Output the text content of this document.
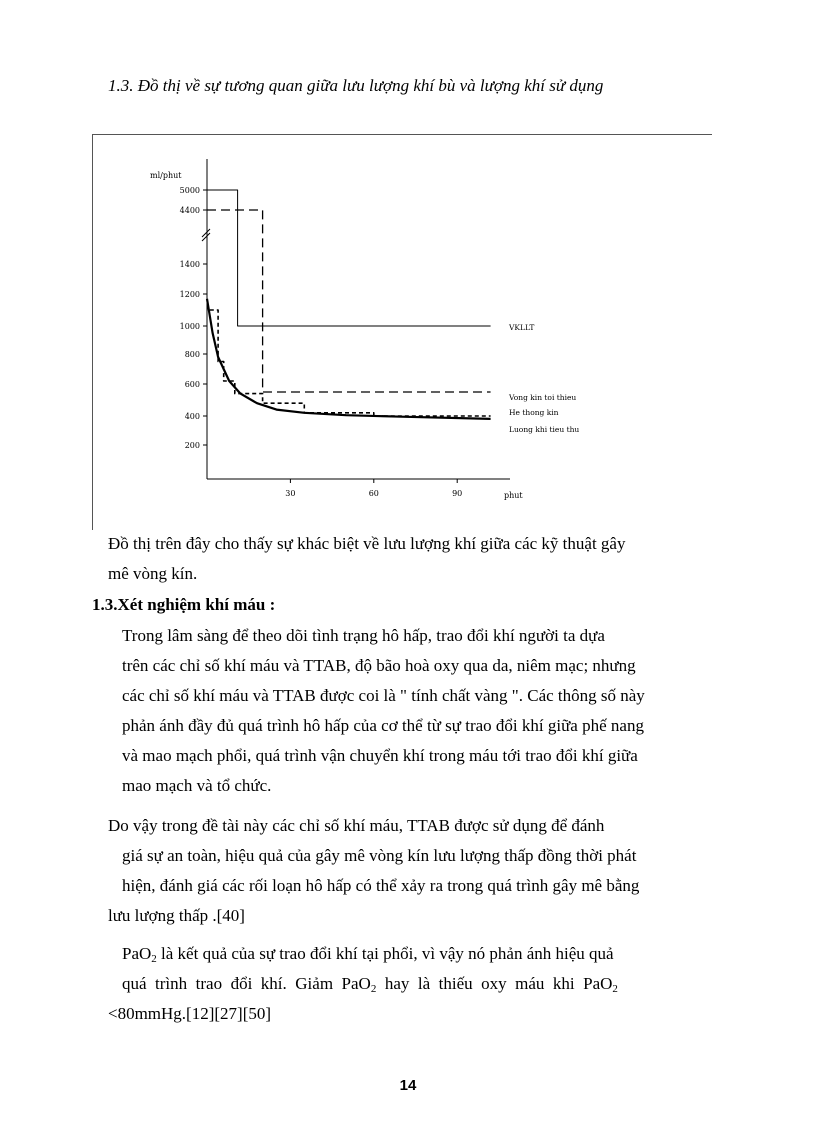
1.3. Đồ thị về sự tương quan giữa lưu lượng khí bù và lượng khí sử dụng
ml/phut
phut
200
400
600
800
1000
1200
1400
4400
5000
30	60	90
VKLLT
Vong kin toi thieu
He thong kin
Luong khi tieu thu
Đồ thị trên đây cho thấy sự khác biệt về lưu lượng khí giữa các kỹ thuật gây
mê vòng kín.
1.3.Xét nghiệm khí máu :
Trong lâm sàng để theo dõi tình trạng hô hấp, trao đổi khí người ta dựa
trên các chỉ số khí máu và TTAB, độ bão hoà oxy qua da, niêm mạc; nhưng
các chỉ số khí máu và TTAB được coi là " tính chất vàng ". Các thông số này
phản ánh đầy đủ quá trình hô hấp của cơ thể từ sự trao đổi khí giữa phế nang
và mao mạch phổi, quá trình vận chuyển khí trong máu tới trao đổi khí giữa
mao mạch và tổ chức.
Do vậy trong đề tài này các chỉ số khí máu, TTAB được sử dụng để đánh
giá sự an toàn, hiệu quả của gây mê vòng kín lưu lượng thấp đồng thời phát
hiện, đánh giá các rối loạn hô hấp có thể xảy ra trong quá trình gây mê bằng
lưu lượng thấp .[40]
PaO$_2$ là kết quả của sự trao đổi khí tại phổi, vì vậy nó phản ánh hiệu quả
quá  trình  trao  đổi  khí.  Giảm  PaO$_2$  hay  là  thiếu  oxy  máu  khi  PaO$_2$
<80mmHg.[12][27][50]
14
